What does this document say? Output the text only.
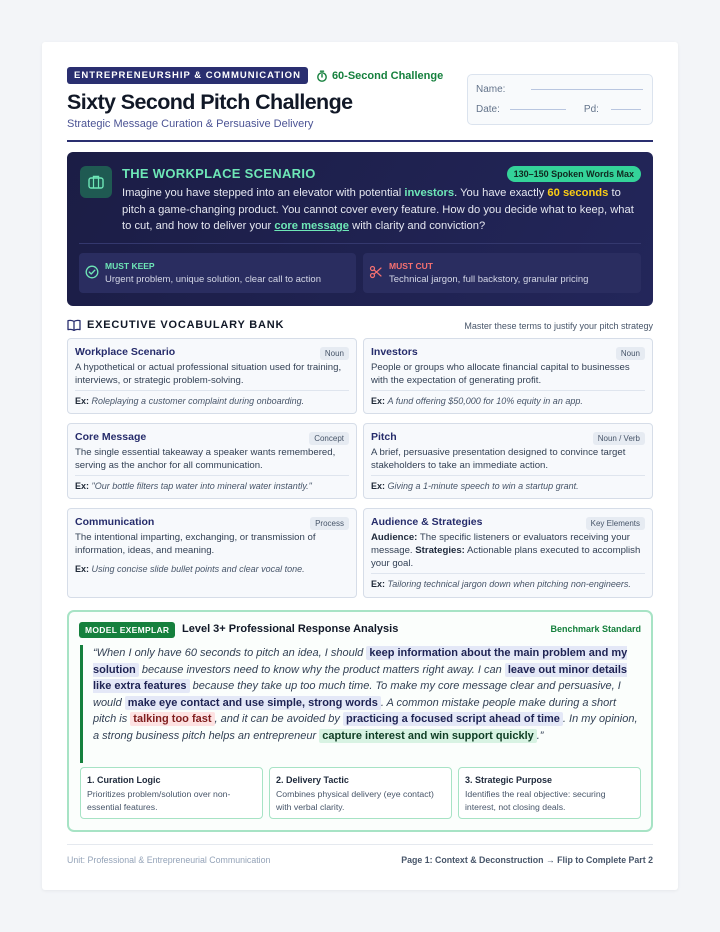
ENTREPRENEURSHIP & COMMUNICATION	60-Second Challenge
Sixty Second Pitch Challenge
Strategic Message Curation & Persuasive Delivery
Name:
Date:	Pd:
THE WORKPLACE SCENARIO	130–150 Spoken Words Max
Imagine you have stepped into an elevator with potential investors. You have exactly 60 seconds to pitch a game-changing product. You cannot cover every feature. How do you decide what to keep, what to cut, and how to deliver your core message with clarity and conviction?
MUST KEEP
Urgent problem, unique solution, clear call to action
MUST CUT
Technical jargon, full backstory, granular pricing
EXECUTIVE VOCABULARY BANK	Master these terms to justify your pitch strategy
Workplace Scenario	Noun
A hypothetical or actual professional situation used for training, interviews, or strategic problem-solving.
Ex: Roleplaying a customer complaint during onboarding.
Investors	Noun
People or groups who allocate financial capital to businesses with the expectation of generating profit.
Ex: A fund offering $50,000 for 10% equity in an app.
Core Message	Concept
The single essential takeaway a speaker wants remembered, serving as the anchor for all communication.
Ex: "Our bottle filters tap water into mineral water instantly."
Pitch	Noun / Verb
A brief, persuasive presentation designed to convince target stakeholders to take an immediate action.
Ex: Giving a 1-minute speech to win a startup grant.
Communication	Process
The intentional imparting, exchanging, or transmission of information, ideas, and meaning.
Ex: Using concise slide bullet points and clear vocal tone.
Audience & Strategies	Key Elements
Audience: The specific listeners or evaluators receiving your message. Strategies: Actionable plans executed to accomplish your goal.
Ex: Tailoring technical jargon down when pitching non-engineers.
MODEL EXEMPLAR	Level 3+ Professional Response Analysis	Benchmark Standard
“When I only have 60 seconds to pitch an idea, I should keep information about the main problem and my solution because investors need to know why the product matters right away. I can leave out minor details like extra features because they take up too much time. To make my core message clear and persuasive, I would make eye contact and use simple, strong words . A common mistake people make during a short pitch is talking too fast , and it can be avoided by practicing a focused script ahead of time . In my opinion, a strong business pitch helps an entrepreneur capture interest and win support quickly .”
1. Curation Logic
Prioritizes problem/solution over non-essential features.
2. Delivery Tactic
Combines physical delivery (eye contact) with verbal clarity.
3. Strategic Purpose
Identifies the real objective: securing interest, not closing deals.
Unit: Professional & Entrepreneurial Communication	Page 1: Context & Deconstruction → Flip to Complete Part 2
